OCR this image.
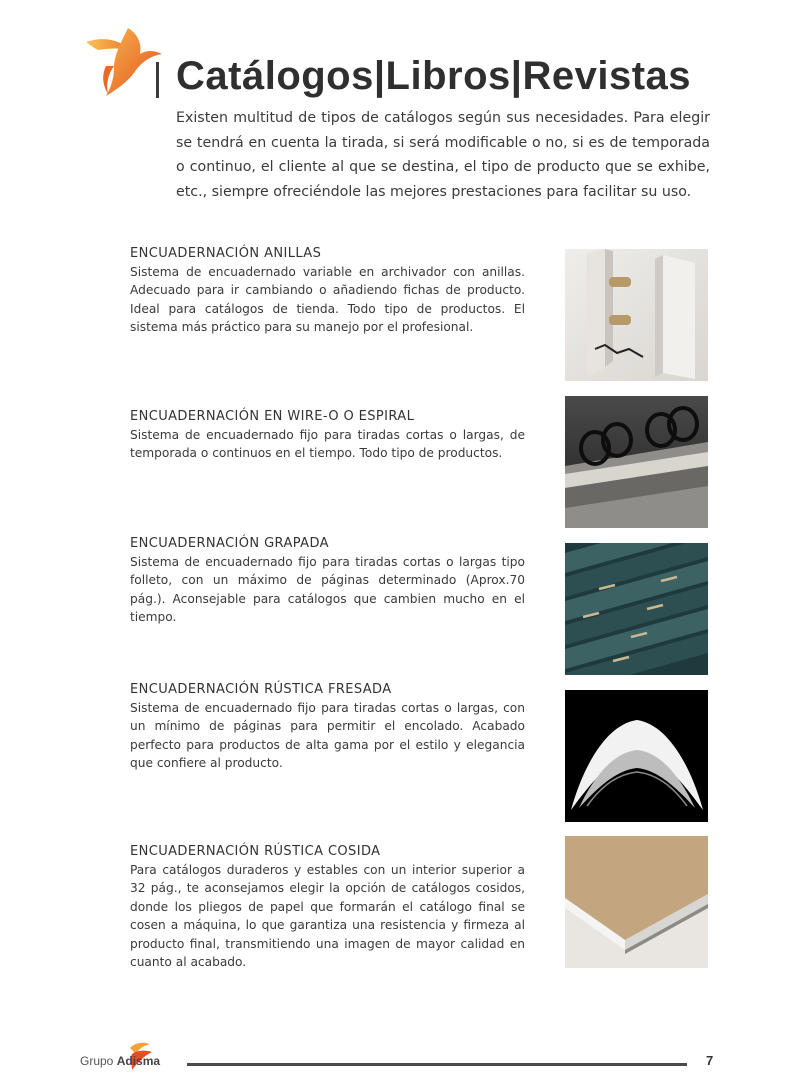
Catálogos|Libros|Revistas

Existen multitud de tipos de catálogos según sus necesidades. Para elegir se tendrá en cuenta la tirada, si será modificable o no, si es de temporada o continuo, el cliente al que se destina, el tipo de producto que se exhibe, etc., siempre ofreciéndole las mejores prestaciones para facilitar su uso.

ENCUADERNACIÓN ANILLAS

Sistema de encuadernado variable en archivador con anillas. Adecuado para ir cambiando o añadiendo fichas de producto. Ideal para catálogos de tienda. Todo tipo de productos. El sistema más práctico para su manejo por el profesional.

ENCUADERNACIÓN EN WIRE-O O ESPIRAL

Sistema de encuadernado fijo para tiradas cortas o largas, de temporada o continuos en el tiempo. Todo tipo de productos.

ENCUADERNACIÓN GRAPADA

Sistema de encuadernado fijo para tiradas cortas o largas tipo folleto, con un máximo de páginas determinado (Aprox.70 pág.). Aconsejable para catálogos que cambien mucho en el tiempo.

ENCUADERNACIÓN RÚSTICA FRESADA

Sistema de encuadernado fijo para tiradas cortas o largas, con un mínimo de páginas para permitir el encolado. Acabado perfecto para productos de alta gama por el estilo y elegancia que confiere al producto.

ENCUADERNACIÓN RÚSTICA COSIDA

Para catálogos duraderos y estables con un interior superior a 32 pág., te aconsejamos elegir la opción de catálogos cosidos, donde los pliegos de papel que formarán el catálogo final se cosen a máquina, lo que garantiza una resistencia y firmeza al producto final, transmitiendo una imagen de mayor calidad en cuanto al acabado.

Grupo Adisma	7
